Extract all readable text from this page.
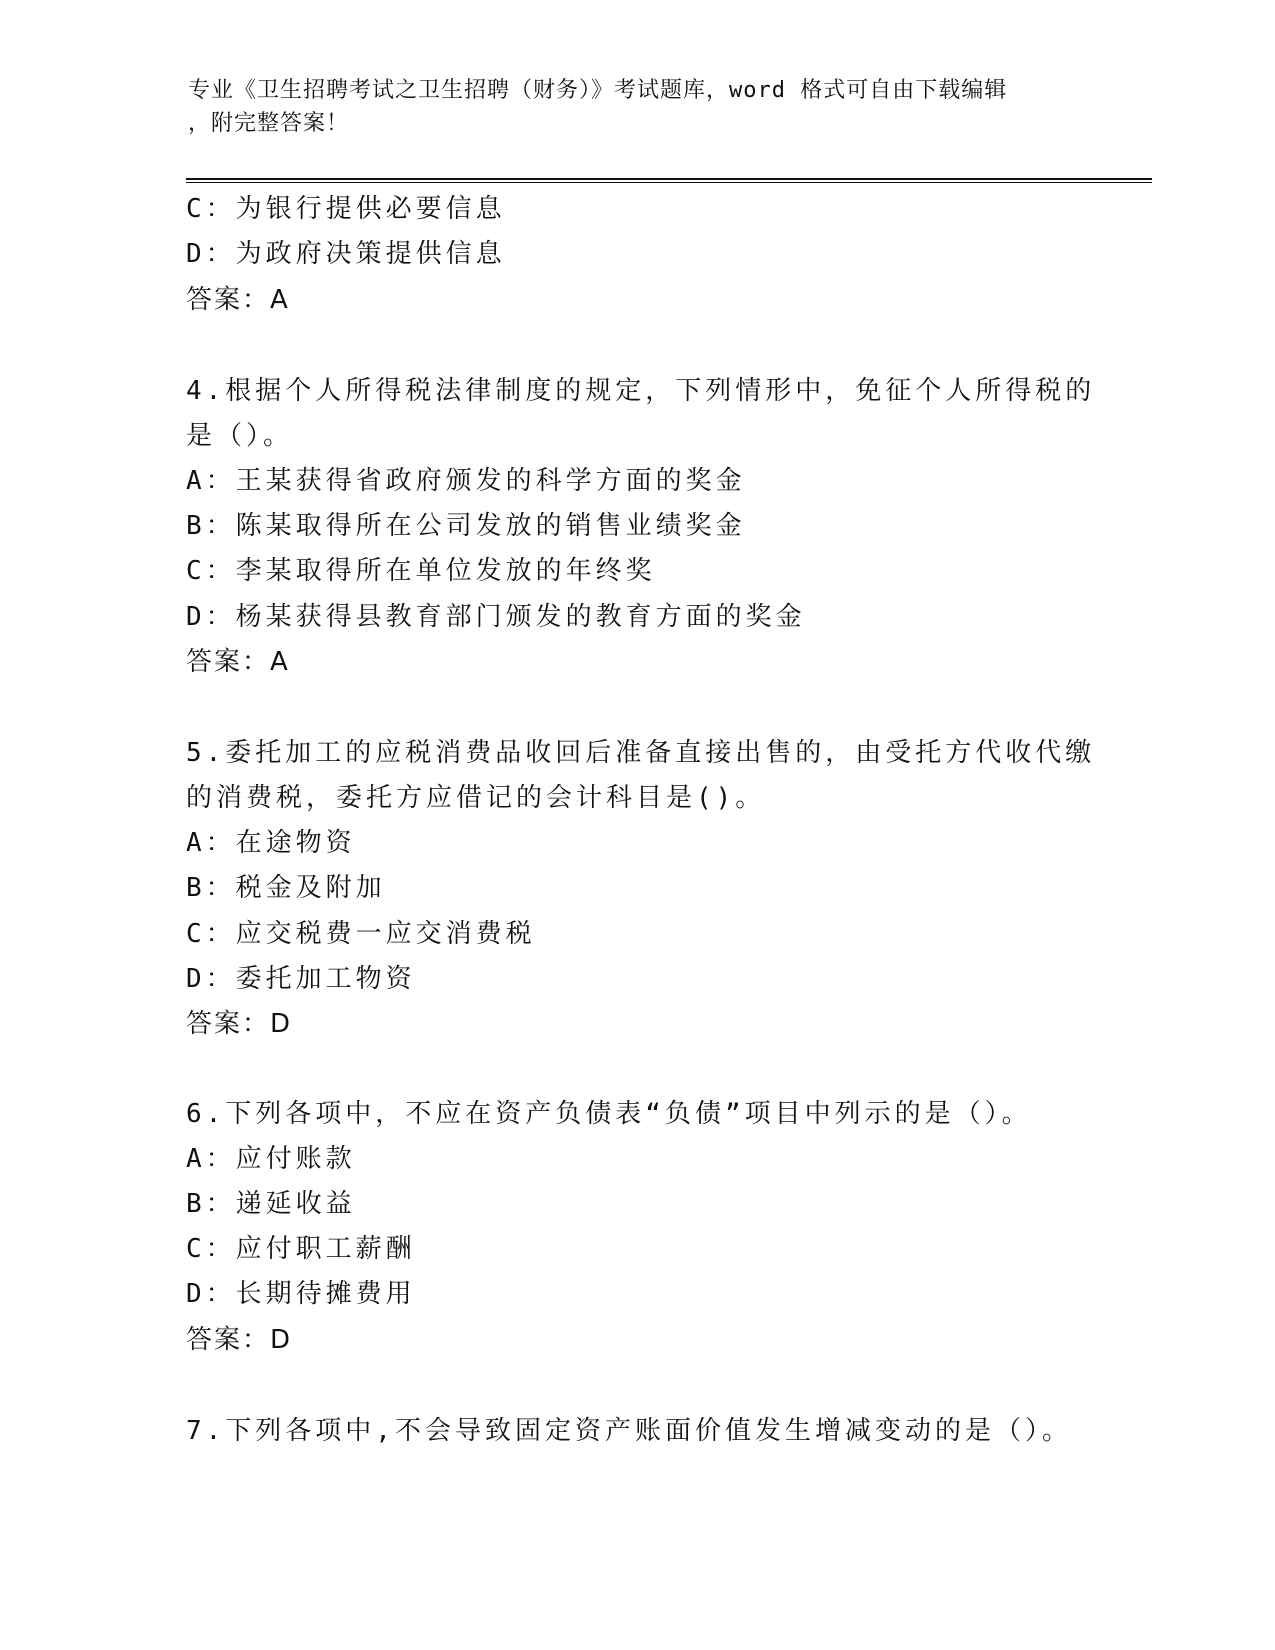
专业《卫生招聘考试之卫生招聘（财务）》考试题库，word 格式可自由下载编辑
，附完整答案！
C：为银行提供必要信息
D：为政府决策提供信息
答案：A
4.根据个人所得税法律制度的规定，下列情形中，免征个人所得税的
是（）。
A：王某获得省政府颁发的科学方面的奖金
B：陈某取得所在公司发放的销售业绩奖金
C：李某取得所在单位发放的年终奖
D：杨某获得县教育部门颁发的教育方面的奖金
答案：A
5.委托加工的应税消费品收回后准备直接出售的，由受托方代收代缴
的消费税，委托方应借记的会计科目是()。
A：在途物资
B：税金及附加
C：应交税费一应交消费税
D：委托加工物资
答案：D
6.下列各项中，不应在资产负债表“负债”项目中列示的是（）。
A：应付账款
B：递延收益
C：应付职工薪酬
D：长期待摊费用
答案：D
7.下列各项中,不会导致固定资产账面价值发生增减变动的是（）。
